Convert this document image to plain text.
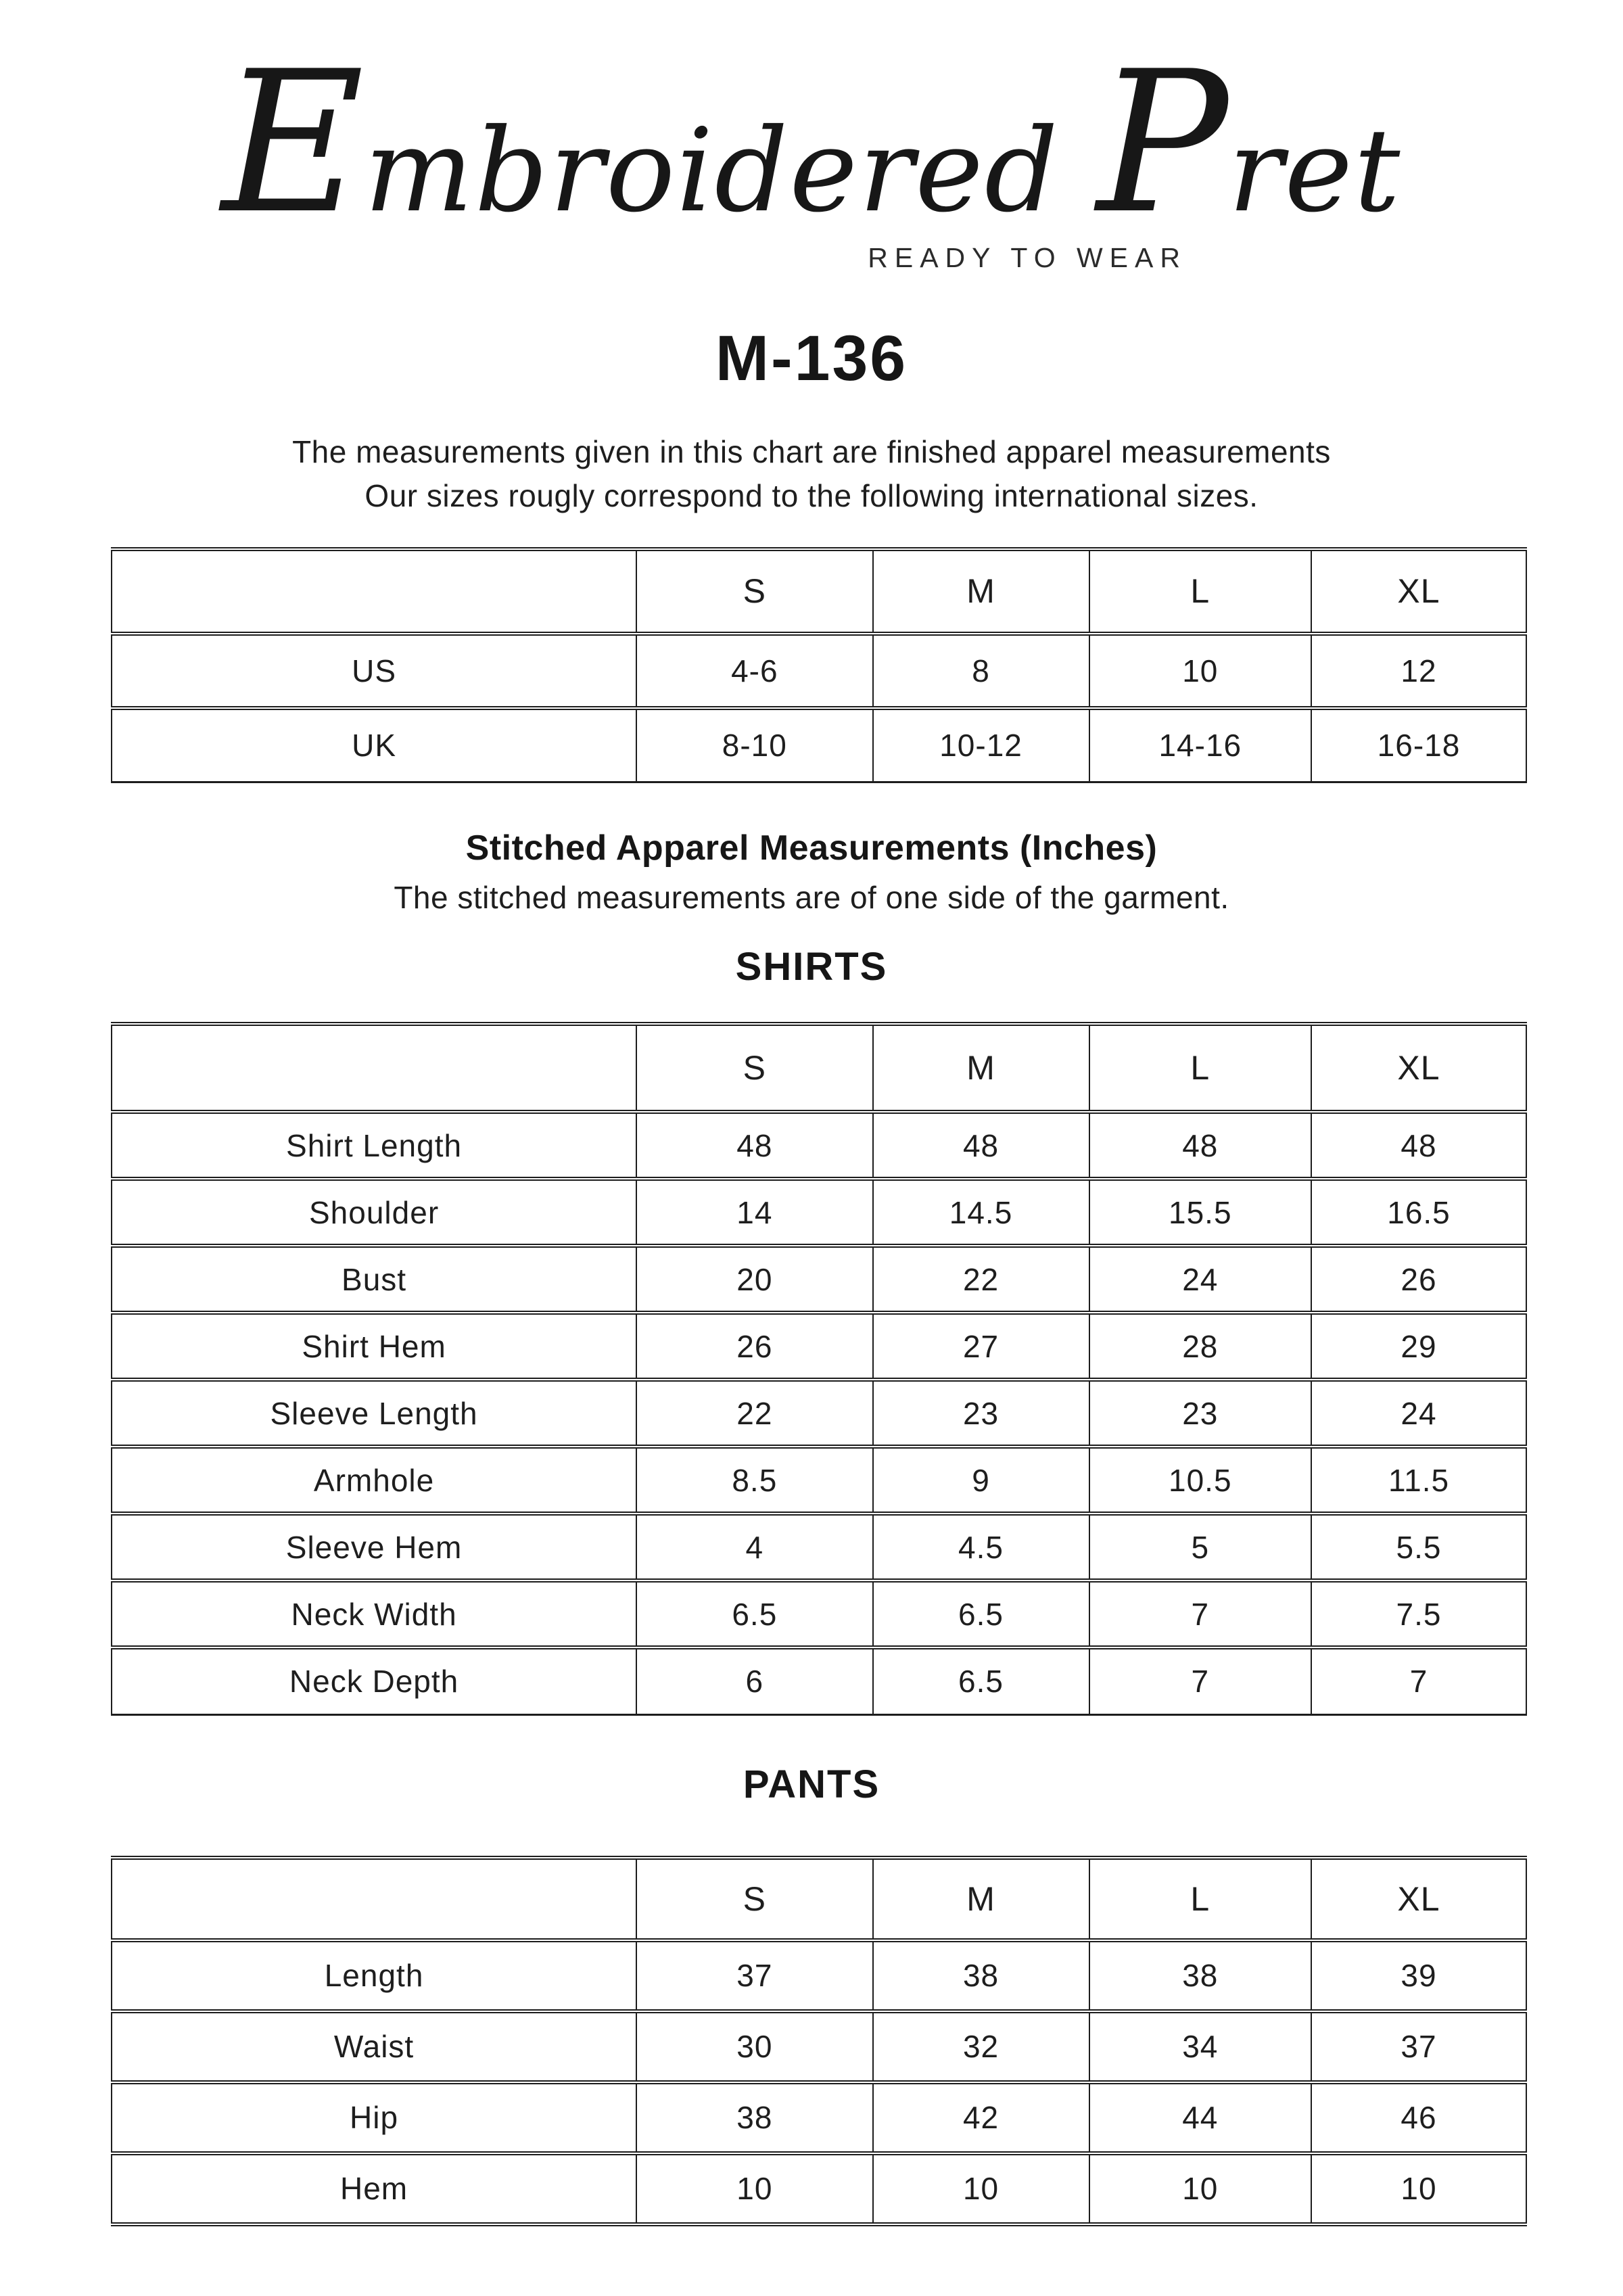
Embroidered Pret
READY TO WEAR
M-136

The measurements given in this chart are finished apparel measurements
Our sizes rougly correspond to the following international sizes.

	S	M	L	XL
US	4-6	8	10	12
UK	8-10	10-12	14-16	16-18
Stitched Apparel Measurements (Inches)

The stitched measurements are of one side of the garment.

SHIRTS
	S	M	L	XL
Shirt Length	48	48	48	48
Shoulder	14	14.5	15.5	16.5
Bust	20	22	24	26
Shirt Hem	26	27	28	29
Sleeve Length	22	23	23	24
Armhole	8.5	9	10.5	11.5
Sleeve Hem	4	4.5	5	5.5
Neck Width	6.5	6.5	7	7.5
Neck Depth	6	6.5	7	7
PANTS
	S	M	L	XL
Length	37	38	38	39
Waist	30	32	34	37
Hip	38	42	44	46
Hem	10	10	10	10
